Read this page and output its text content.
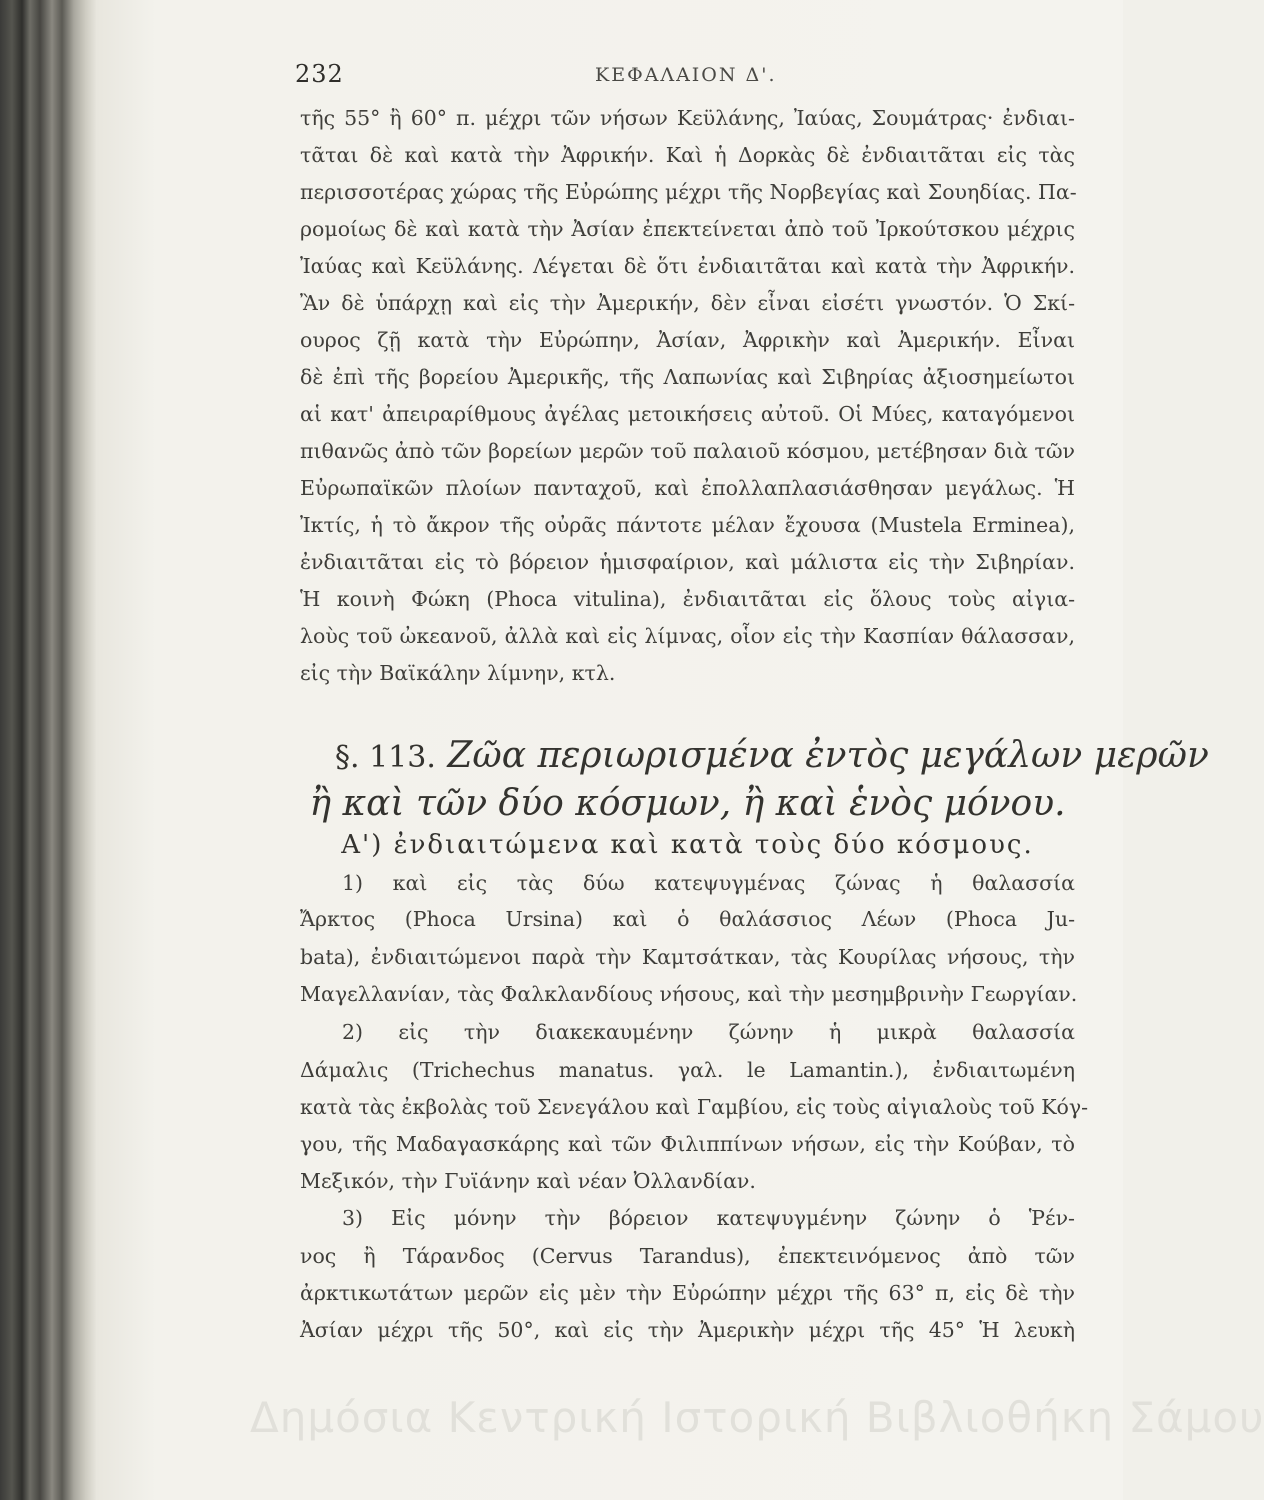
232	ΚΕΦΑΛΑΙΟΝ Δ'.
τῆς 55° ἢ 60° π. μέχρι τῶν νήσων Κεϋλάνης, Ἰαύας, Σουμάτρας· ἐνδιαι-
τᾶται δὲ καὶ κατὰ τὴν Ἀφρικήν. Καὶ ἡ Δορκὰς δὲ ἐνδιαιτᾶται εἰς τὰς
περισσοτέρας χώρας τῆς Εὐρώπης μέχρι τῆς Νορβεγίας καὶ Σουηδίας. Πα-
ρομοίως δὲ καὶ κατὰ τὴν Ἀσίαν ἐπεκτείνεται ἀπὸ τοῦ Ἰρκούτσκου μέχρις
Ἰαύας καὶ Κεϋλάνης. Λέγεται δὲ ὅτι ἐνδιαιτᾶται καὶ κατὰ τὴν Ἀφρικήν.
Ἂν δὲ ὑπάρχῃ καὶ εἰς τὴν Ἀμερικήν, δὲν εἶναι εἰσέτι γνωστόν. Ὁ Σκί-
ουρος ζῇ κατὰ τὴν Εὐρώπην, Ἀσίαν, Ἀφρικὴν καὶ Ἀμερικήν. Εἶναι
δὲ ἐπὶ τῆς βορείου Ἀμερικῆς, τῆς Λαπωνίας καὶ Σιβηρίας ἀξιοσημείωτοι
αἱ κατ' ἀπειραρίθμους ἀγέλας μετοικήσεις αὐτοῦ. Οἱ Μύες, καταγόμενοι
πιθανῶς ἀπὸ τῶν βορείων μερῶν τοῦ παλαιοῦ κόσμου, μετέβησαν διὰ τῶν
Εὐρωπαϊκῶν πλοίων πανταχοῦ, καὶ ἐπολλαπλασιάσθησαν μεγάλως. Ἡ
Ἰκτίς, ἡ τὸ ἄκρον τῆς οὐρᾶς πάντοτε μέλαν ἔχουσα (Mustela Erminea),
ἐνδιαιτᾶται εἰς τὸ βόρειον ἡμισφαίριον, καὶ μάλιστα εἰς τὴν Σιβηρίαν.
Ἡ κοινὴ Φώκη (Phoca vitulina), ἐνδιαιτᾶται εἰς ὅλους τοὺς αἰγια-
λοὺς τοῦ ὠκεανοῦ, ἀλλὰ καὶ εἰς λίμνας, οἷον εἰς τὴν Κασπίαν θάλασσαν,
εἰς τὴν Βαϊκάλην λίμνην, κτλ.
§. 113. Ζῶα περιωρισμένα ἐντὸς μεγάλων μερῶν
ἢ καὶ τῶν δύο κόσμων, ἢ καὶ ἑνὸς μόνου.
Α') ἐνδιαιτώμενα καὶ κατὰ τοὺς δύο κόσμους.
1) καὶ εἰς τὰς δύω κατεψυγμένας ζώνας ἡ θαλασσία
Ἄρκτος (Phoca Ursina) καὶ ὁ θαλάσσιος Λέων (Phoca Ju-
bata), ἐνδιαιτώμενοι παρὰ τὴν Καμτσάτκαν, τὰς Κουρίλας νήσους, τὴν
Μαγελλανίαν, τὰς Φαλκλανδίους νήσους, καὶ τὴν μεσημβρινὴν Γεωργίαν.
2) εἰς τὴν διακεκαυμένην ζώνην ἡ μικρὰ θαλασσία
Δάμαλις (Trichechus manatus. γαλ. le Lamantin.), ἐνδιαιτωμένη
κατὰ τὰς ἐκβολὰς τοῦ Σενεγάλου καὶ Γαμβίου, εἰς τοὺς αἰγιαλοὺς τοῦ Κόγ-
γου, τῆς Μαδαγασκάρης καὶ τῶν Φιλιππίνων νήσων, εἰς τὴν Κούβαν, τὸ
Μεξικόν, τὴν Γυϊάνην καὶ νέαν Ὀλλανδίαν.
3) Εἰς μόνην τὴν βόρειον κατεψυγμένην ζώνην ὁ Ῥέν-
νος ἢ Τάρανδος (Cervus Tarandus), ἐπεκτεινόμενος ἀπὸ τῶν
ἀρκτικωτάτων μερῶν εἰς μὲν τὴν Εὐρώπην μέχρι τῆς 63° π, εἰς δὲ τὴν
Ἀσίαν μέχρι τῆς 50°, καὶ εἰς τὴν Ἀμερικὴν μέχρι τῆς 45° Ἡ λευκὴ
Δημόσια Κεντρική Ιστορική Βιβλιοθήκη Σάμου
